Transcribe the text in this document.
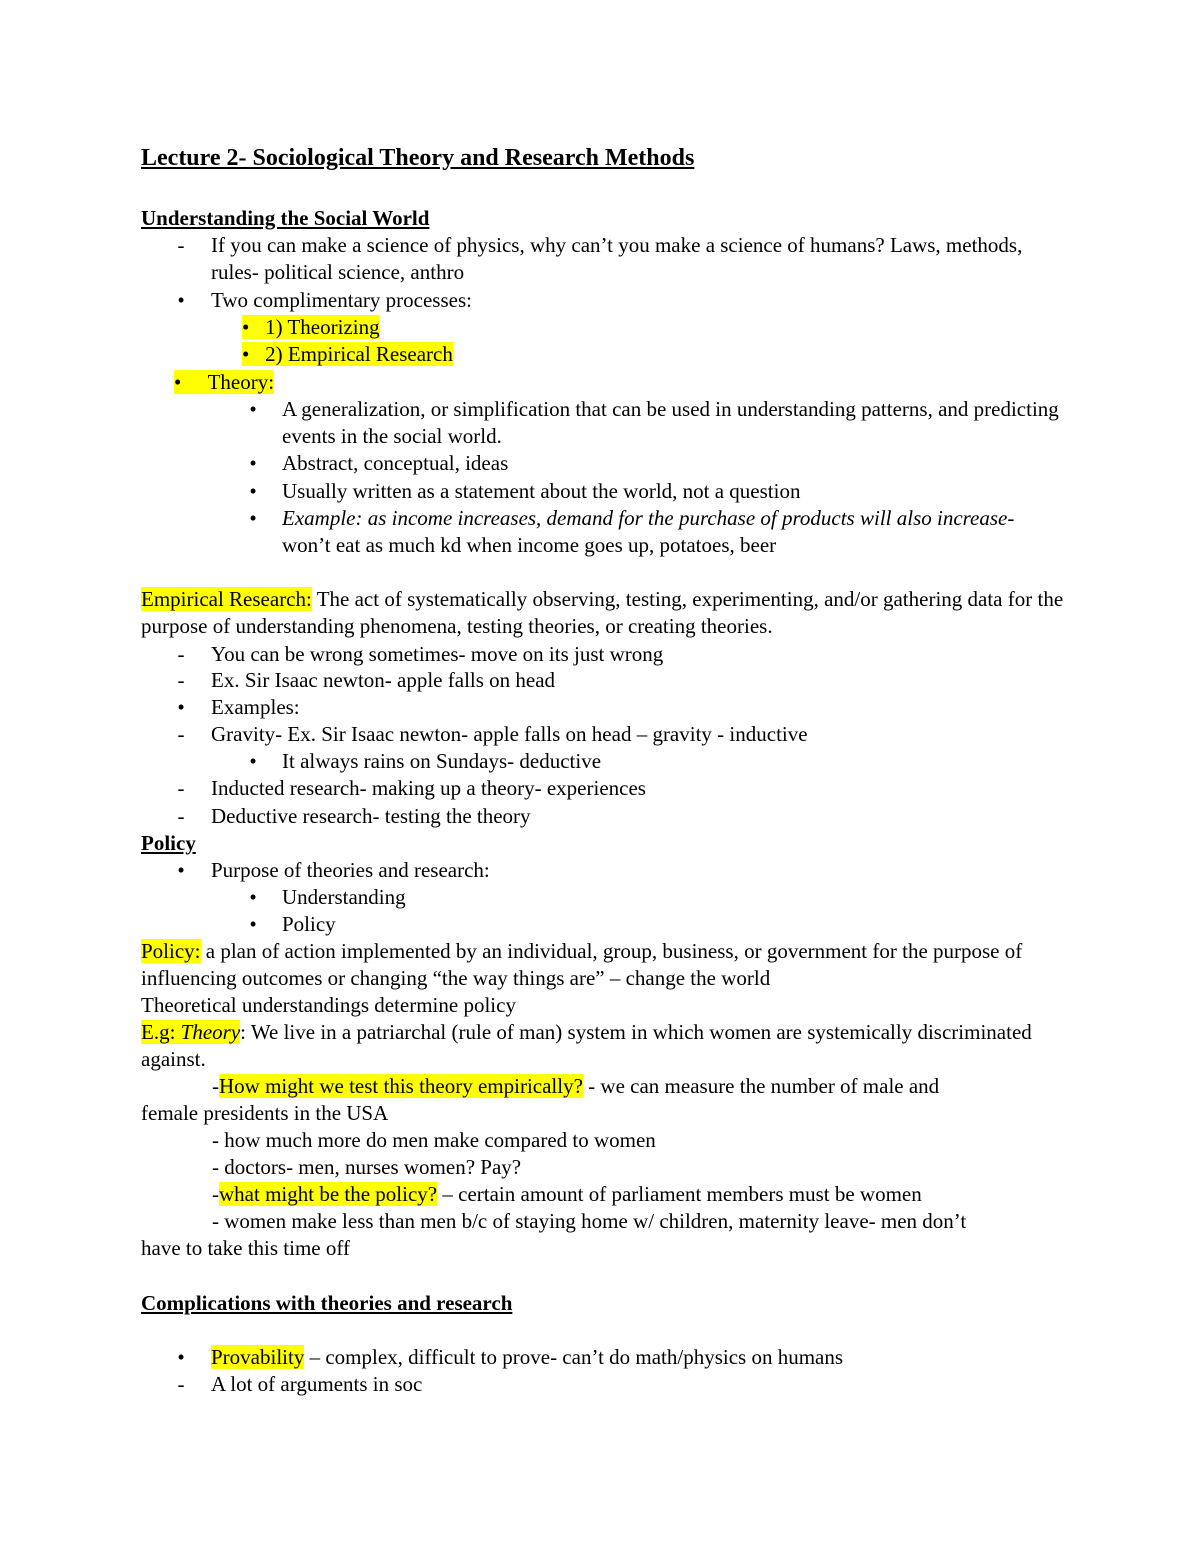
Lecture 2- Sociological Theory and Research Methods
Understanding the Social World
-	If you can make a science of physics, why can’t you make a science of humans? Laws, methods, rules- political science, anthro
•	Two complimentary processes:
• 1) Theorizing
• 2) Empirical Research
• Theory:
•	A generalization, or simplification that can be used in understanding patterns, and predicting events in the social world.
•	Abstract, conceptual, ideas
•	Usually written as a statement about the world, not a question
•	Example: as income increases, demand for the purchase of products will also increase- won’t eat as much kd when income goes up, potatoes, beer
Empirical Research: The act of systematically observing, testing, experimenting, and/or gathering data for the purpose of understanding phenomena, testing theories, or creating theories.
-	You can be wrong sometimes- move on its just wrong
-	Ex. Sir Isaac newton- apple falls on head
•	Examples:
-	Gravity- Ex. Sir Isaac newton- apple falls on head – gravity - inductive
•	It always rains on Sundays- deductive
-	Inducted research- making up a theory- experiences
-	Deductive research- testing the theory
Policy
•	Purpose of theories and research:
•	Understanding
•	Policy
Policy: a plan of action implemented by an individual, group, business, or government for the purpose of influencing outcomes or changing “the way things are” – change the world
Theoretical understandings determine policy
E.g: Theory: We live in a patriarchal (rule of man) system in which women are systemically discriminated against.
-How might we test this theory empirically? - we can measure the number of male and
female presidents in the USA
- how much more do men make compared to women
- doctors- men, nurses women? Pay?
-what might be the policy? – certain amount of parliament members must be women
- women make less than men b/c of staying home w/ children, maternity leave- men don’t
have to take this time off
Complications with theories and research
•	Provability – complex, difficult to prove- can’t do math/physics on humans
-	A lot of arguments in soc
